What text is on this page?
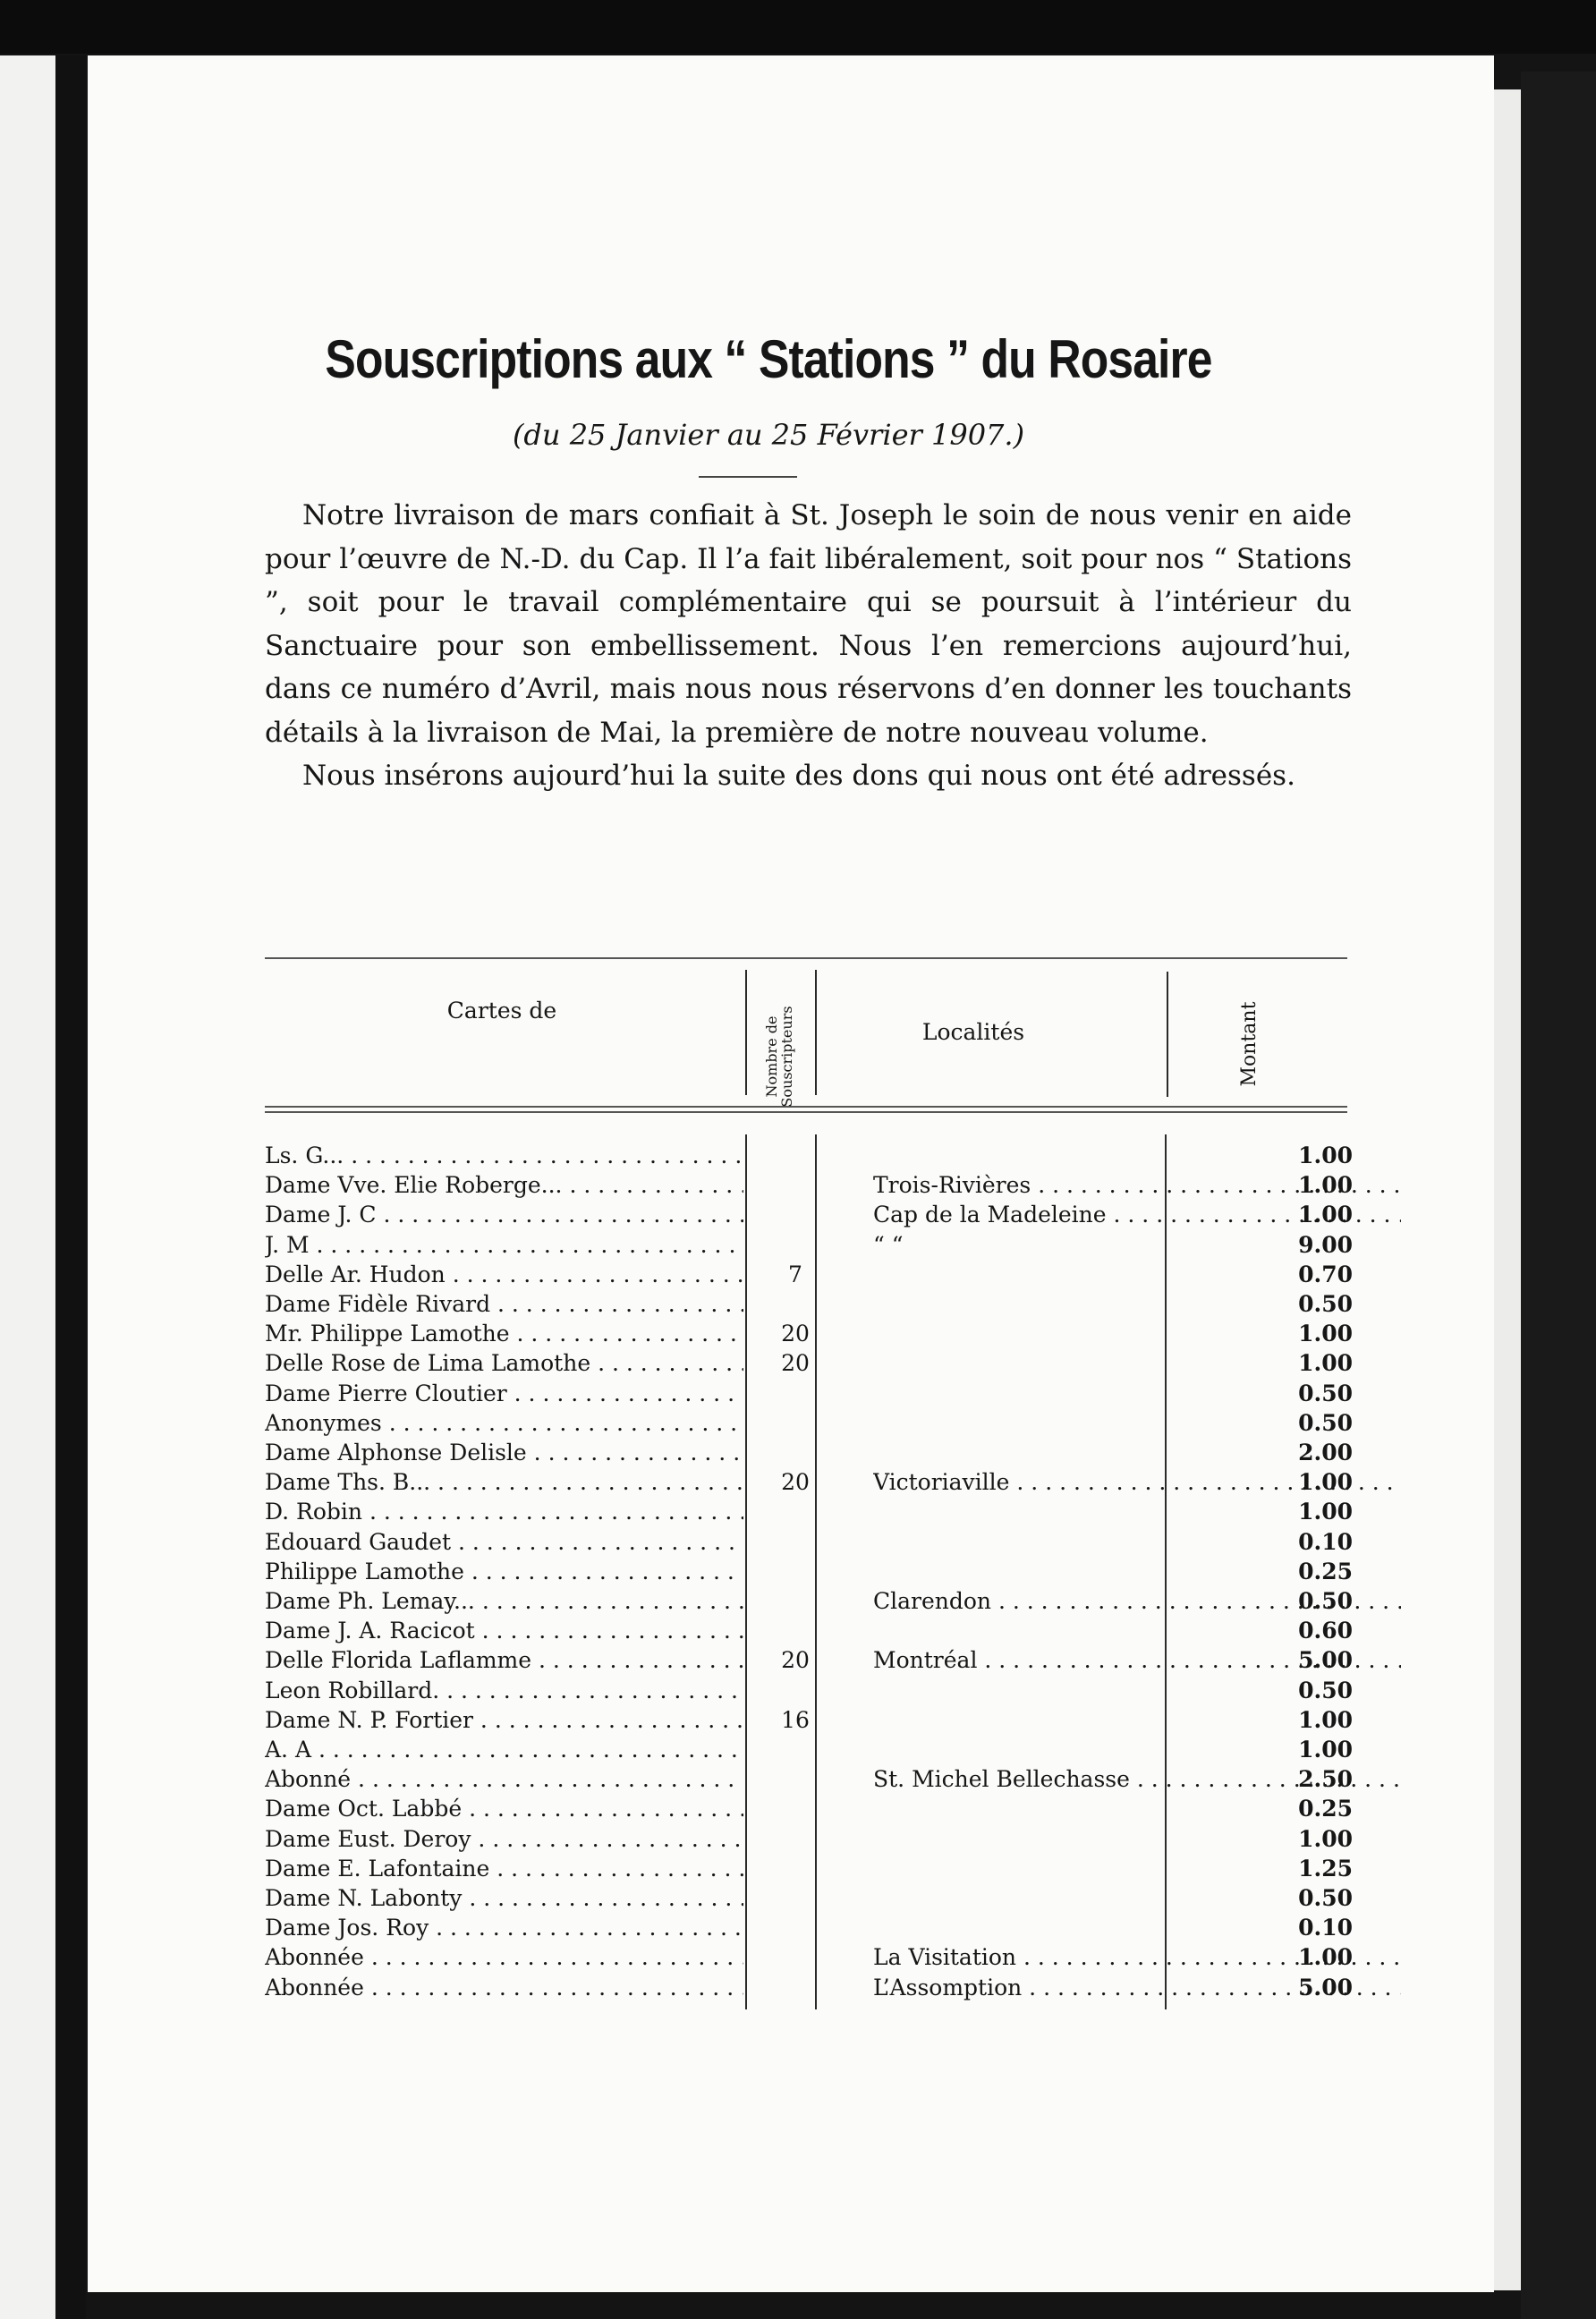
Souscriptions aux “ Stations ” du Rosaire
(du 25 Janvier au 25 Février 1907.)

Notre livraison de mars confiait à St. Joseph le soin de nous venir en aide pour l’œuvre de N.-D. du Cap. Il l’a fait libéralement, soit pour nos “ Stations ”, soit pour le travail complémentaire qui se poursuit à l’intérieur du Sanctuaire pour son embellissement. Nous l’en remercions aujourd’hui, dans ce numéro d’Avril, mais nous nous réservons d’en donner les touchants détails à la livraison de Mai, la première de notre nouveau volume.

Nous insérons aujourd’hui la suite des dons qui nous ont été adressés.

Cartes de
Nombre de Souscripteurs	Localités	Montant
Ls. G... . . .	1.00
Dame Vve. Elie Roberge... . . .	Trois-Rivières . . .	1.00
Dame J. C . . .	Cap de la Madeleine . . .	1.00
J. M . . .	“ “	9.00
Delle Ar. Hudon . . .	7	0.70
Dame Fidèle Rivard . . .	0.50
Mr. Philippe Lamothe . . .	20	1.00
Delle Rose de Lima Lamothe . . .	20	1.00
Dame Pierre Cloutier . . .	0.50
Anonymes . . .	0.50
Dame Alphonse Delisle . . .	2.00
Dame Ths. B... . . .	20	Victoriaville . . .	1.00
D. Robin . . .	1.00
Edouard Gaudet . . .	0.10
Philippe Lamothe . . .	0.25
Dame Ph. Lemay... . . .	Clarendon . . .	0.50
Dame J. A. Racicot . . .	0.60
Delle Florida Laflamme . . .	20	Montréal . . .	5.00
Leon Robillard. . . .	0.50
Dame N. P. Fortier . . .	16	1.00
A. A . . .	1.00
Abonné . . .	St. Michel Bellechasse . . .	2.50
Dame Oct. Labbé . . .	0.25
Dame Eust. Deroy . . .	1.00
Dame E. Lafontaine . . .	1.25
Dame N. Labonty . . .	0.50
Dame Jos. Roy . . .	0.10
Abonnée . . .	La Visitation . . .	1.00
Abonnée . . .	L’Assomption . . .	5.00
